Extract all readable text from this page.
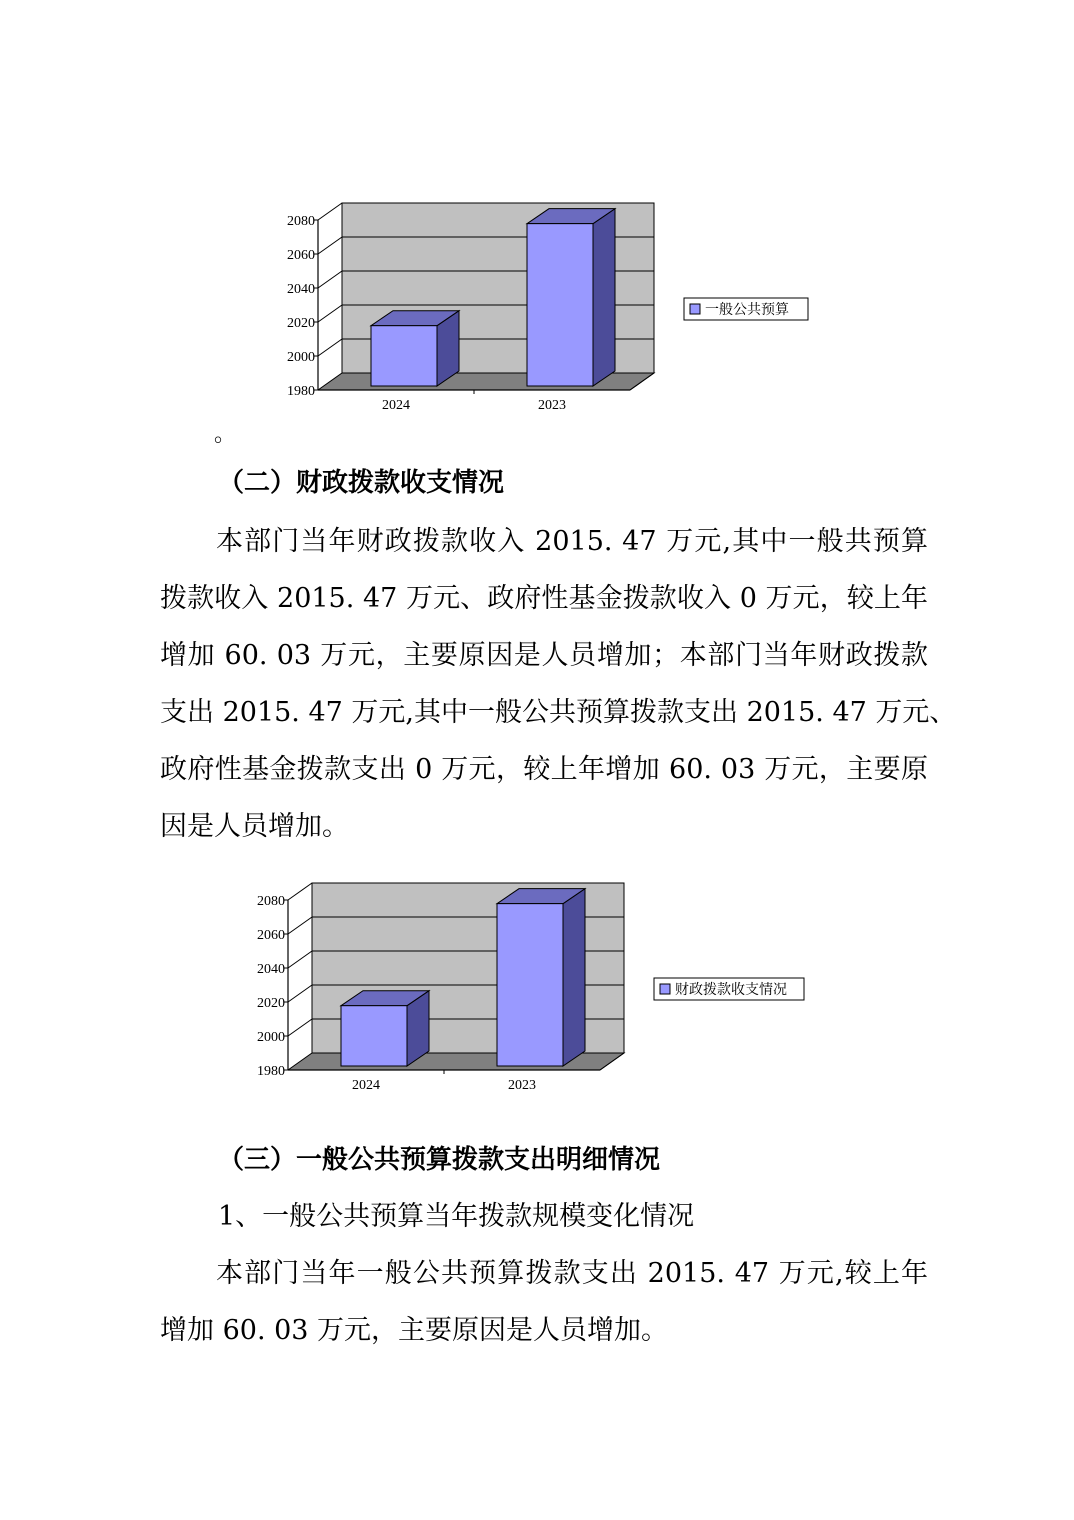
1980
2000
2020
2040
2060
2080
2024	2023
一般公共预算
。
（二）财政拨款收支情况
本部门当年财政拨款收入 2015. 47 万元,其中一般共预算
拨款收入 2015. 47 万元、政府性基金拨款收入 0 万元，较上年
增加 60. 03 万元，主要原因是人员增加；本部门当年财政拨款
支出 2015. 47 万元,其中一般公共预算拨款支出 2015. 47 万元、
政府性基金拨款支出 0 万元，较上年增加 60. 03 万元，主要原
因是人员增加。
1980
2000
2020
2040
2060
2080
2024	2023
财政拨款收支情况
（三）一般公共预算拨款支出明细情况
1、一般公共预算当年拨款规模变化情况
本部门当年一般公共预算拨款支出 2015. 47 万元,较上年
增加 60. 03 万元，主要原因是人员增加。
